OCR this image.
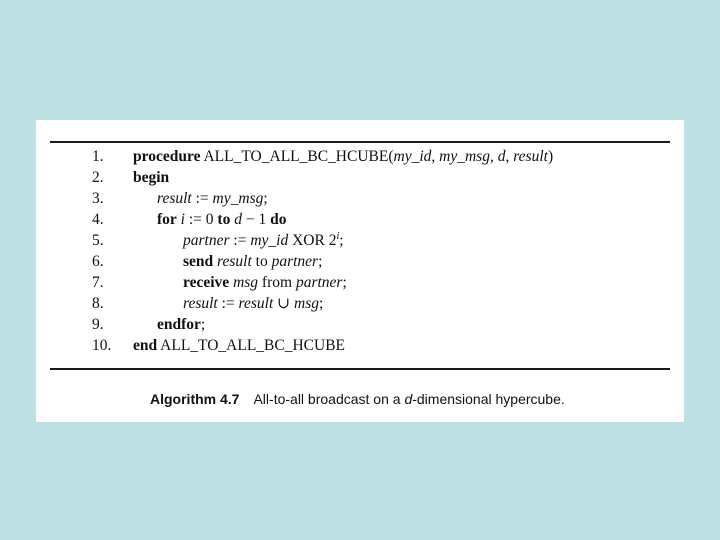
1.	procedure ALL_TO_ALL_BC_HCUBE(my_id, my_msg, d, result)
2.	begin
3.	result := my_msg;
4.	for i := 0 to d − 1 do
5.	partner := my_id XOR 2$^i$;
6.	send result to partner;
7.	receive msg from partner;
8.	result := result ∪ msg;
9.	endfor;
10.	end ALL_TO_ALL_BC_HCUBE
Algorithm 4.7 All-to-all broadcast on a d-dimensional hypercube.
